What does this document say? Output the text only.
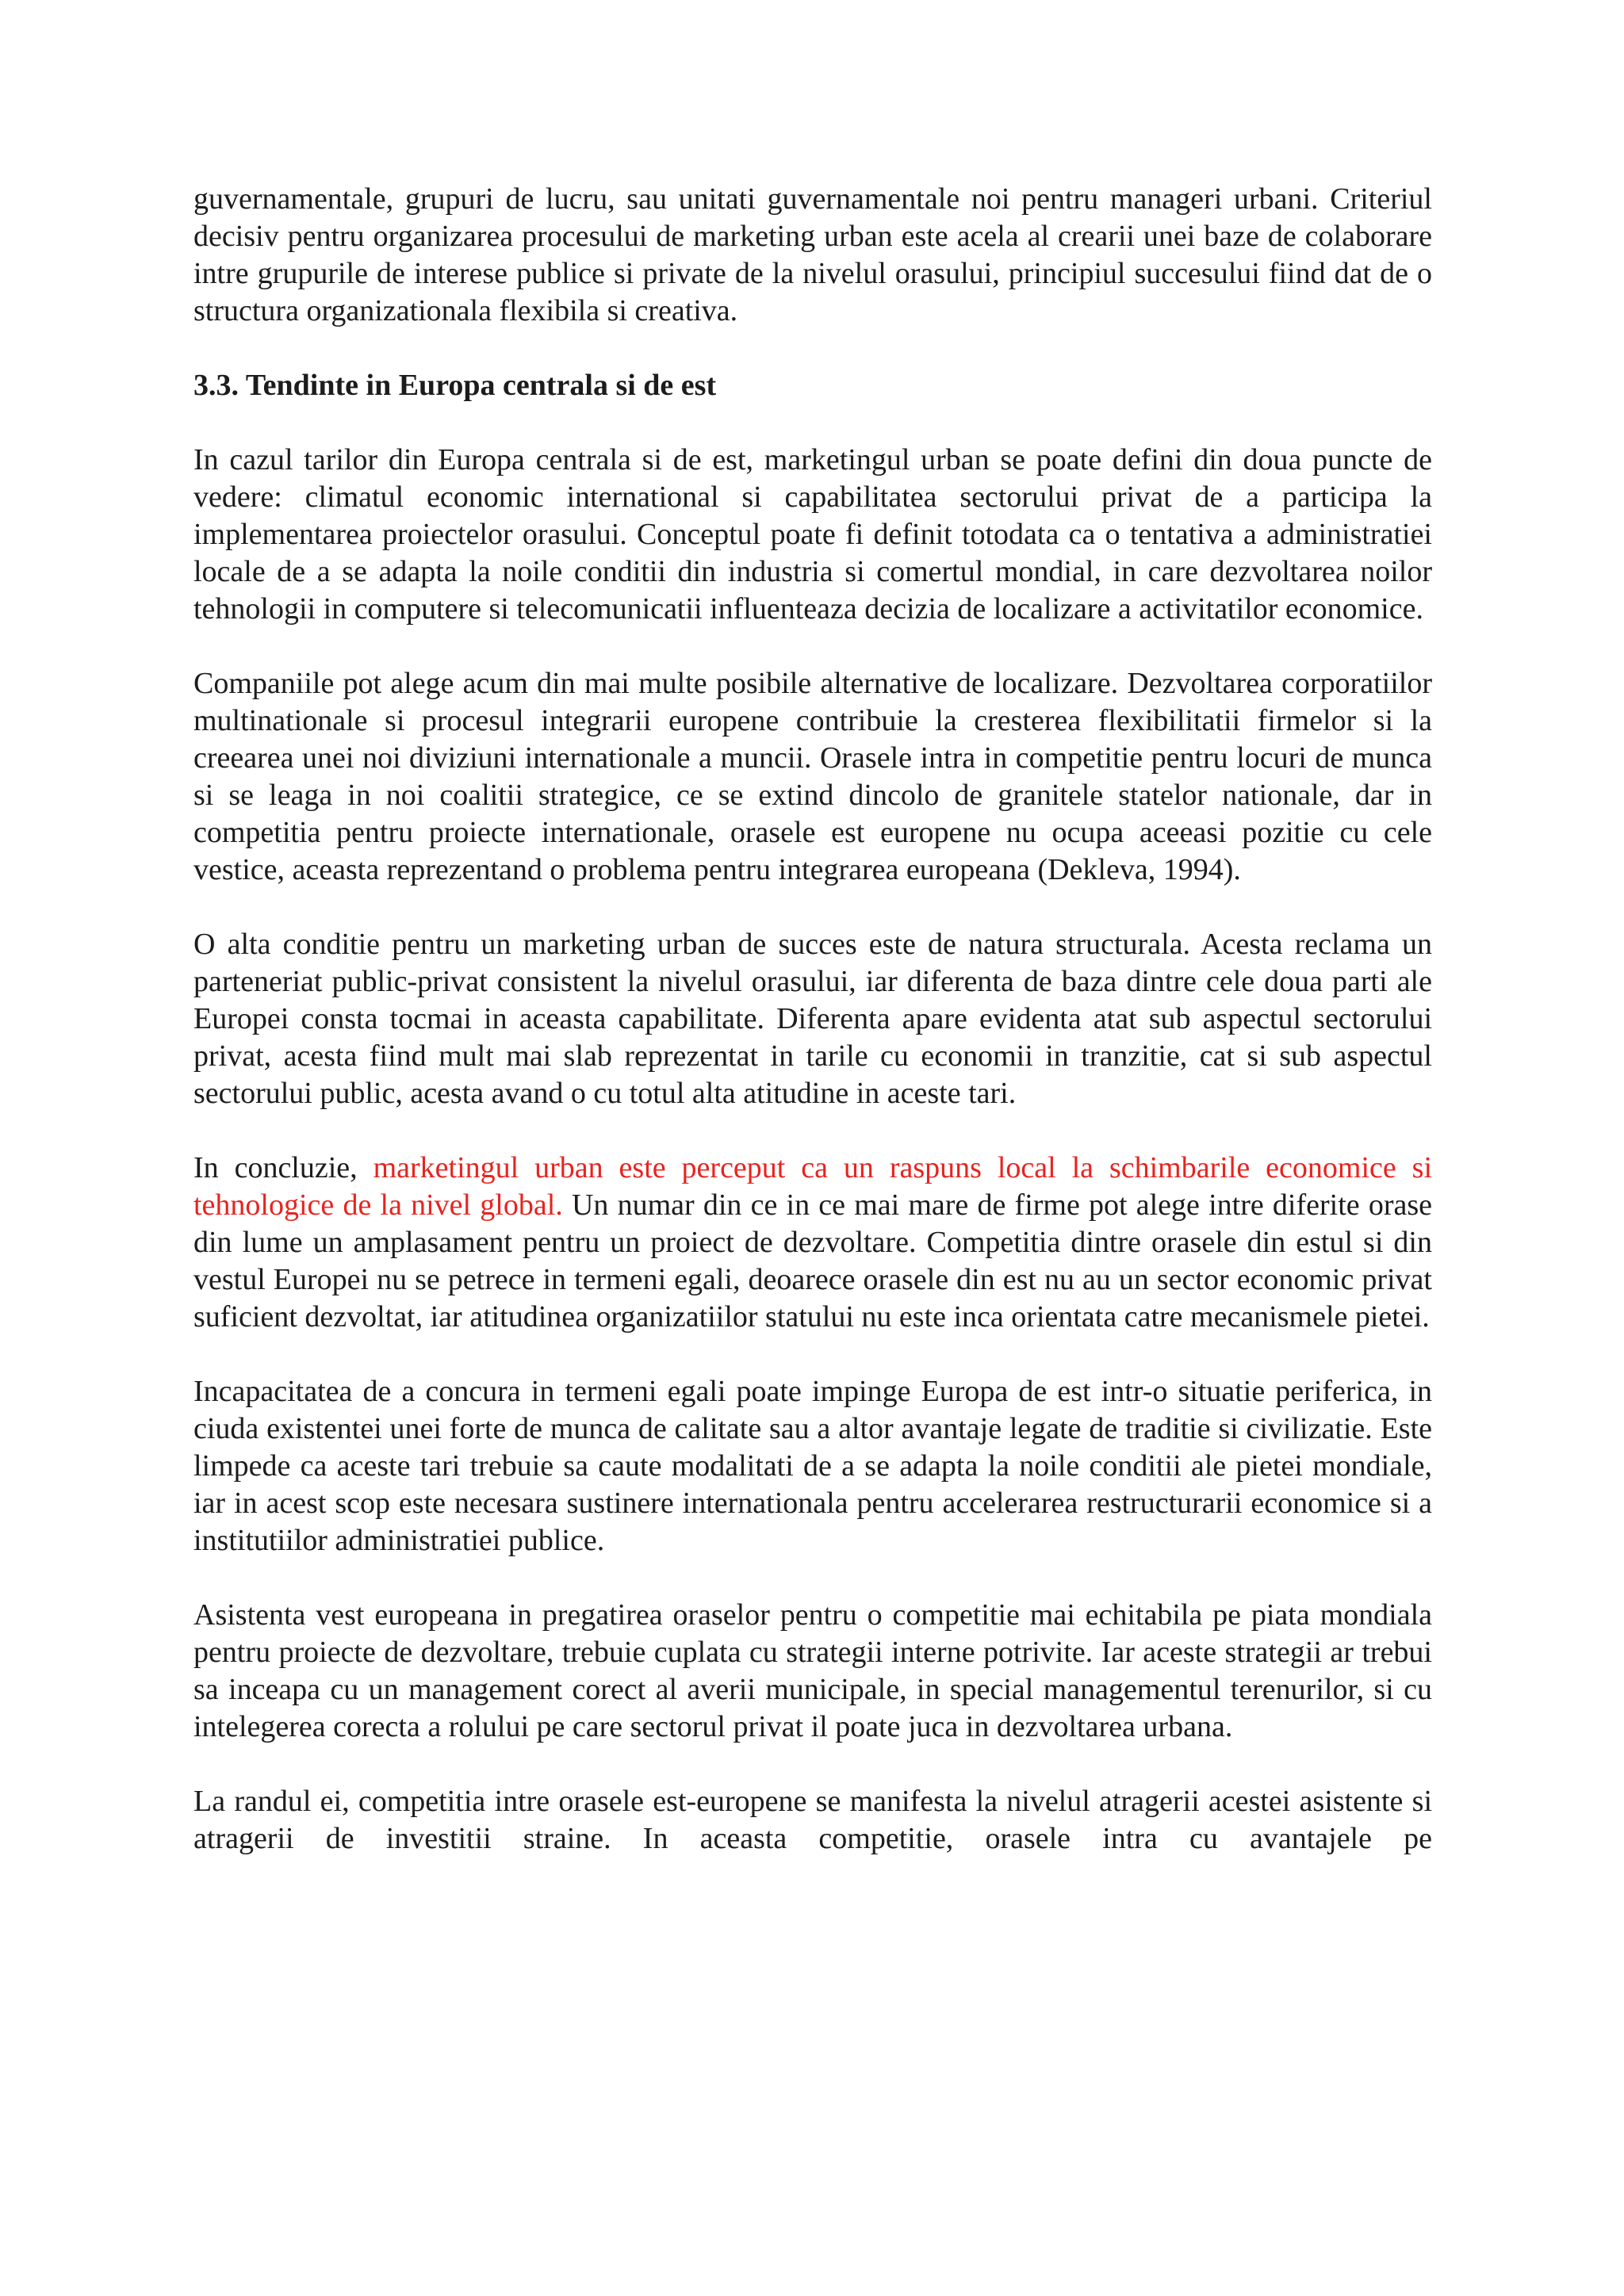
guvernamentale, grupuri de lucru, sau unitati guvernamentale noi pentru manageri urbani. Criteriul decisiv pentru organizarea procesului de marketing urban este acela al crearii unei baze de colaborare intre grupurile de interese publice si private de la nivelul orasului, principiul succesului fiind dat de o structura organizationala flexibila si creativa.

3.3. Tendinte in Europa centrala si de est

In cazul tarilor din Europa centrala si de est, marketingul urban se poate defini din doua puncte de vedere: climatul economic international si capabilitatea sectorului privat de a participa la implementarea proiectelor orasului. Conceptul poate fi definit totodata ca o tentativa a administratiei locale de a se adapta la noile conditii din industria si comertul mondial, in care dezvoltarea noilor tehnologii in computere si telecomunicatii influenteaza decizia de localizare a activitatilor economice.

Companiile pot alege acum din mai multe posibile alternative de localizare. Dezvoltarea corporatiilor multinationale si procesul integrarii europene contribuie la cresterea flexibilitatii firmelor si la creearea unei noi diviziuni internationale a muncii. Orasele intra in competitie pentru locuri de munca si se leaga in noi coalitii strategice, ce se extind dincolo de granitele statelor nationale, dar in competitia pentru proiecte internationale, orasele est europene nu ocupa aceeasi pozitie cu cele vestice, aceasta reprezentand o problema pentru integrarea europeana (Dekleva, 1994).

O alta conditie pentru un marketing urban de succes este de natura structurala. Acesta reclama un parteneriat public-privat consistent la nivelul orasului, iar diferenta de baza dintre cele doua parti ale Europei consta tocmai in aceasta capabilitate. Diferenta apare evidenta atat sub aspectul sectorului privat, acesta fiind mult mai slab reprezentat in tarile cu economii in tranzitie, cat si sub aspectul sectorului public, acesta avand o cu totul alta atitudine in aceste tari.

In concluzie, marketingul urban este perceput ca un raspuns local la schimbarile economice si tehnologice de la nivel global. Un numar din ce in ce mai mare de firme pot alege intre diferite orase din lume un amplasament pentru un proiect de dezvoltare. Competitia dintre orasele din estul si din vestul Europei nu se petrece in termeni egali, deoarece orasele din est nu au un sector economic privat suficient dezvoltat, iar atitudinea organizatiilor statului nu este inca orientata catre mecanismele pietei.

Incapacitatea de a concura in termeni egali poate impinge Europa de est intr-o situatie periferica, in ciuda existentei unei forte de munca de calitate sau a altor avantaje legate de traditie si civilizatie. Este limpede ca aceste tari trebuie sa caute modalitati de a se adapta la noile conditii ale pietei mondiale, iar in acest scop este necesara sustinere internationala pentru accelerarea restructurarii economice si a institutiilor administratiei publice.

Asistenta vest europeana in pregatirea oraselor pentru o competitie mai echitabila pe piata mondiala pentru proiecte de dezvoltare, trebuie cuplata cu strategii interne potrivite. Iar aceste strategii ar trebui sa inceapa cu un management corect al averii municipale, in special managementul terenurilor, si cu intelegerea corecta a rolului pe care sectorul privat il poate juca in dezvoltarea urbana.

La randul ei, competitia intre orasele est-europene se manifesta la nivelul atragerii acestei asistente si atragerii de investitii straine. In aceasta competitie, orasele intra cu avantajele pe
